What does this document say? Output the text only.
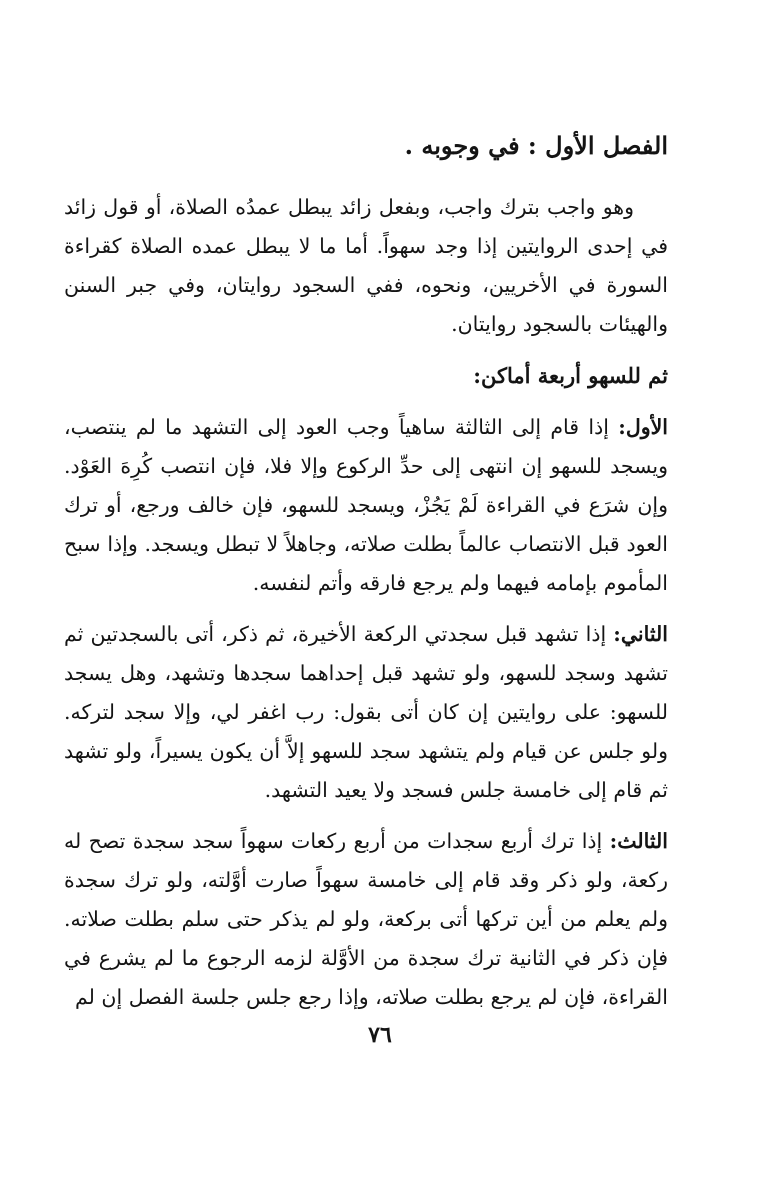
الفصل الأول : في وجوبه .

وهو واجب بترك واجب، وبفعل زائد يبطل عمدُه الصلاة، أو قول زائد في إحدى الروايتين إذا وجد سهواً. أما ما لا يبطل عمده الصلاة كقراءة السورة في الأخريين، ونحوه، ففي السجود روايتان، وفي جبر السنن والهيئات بالسجود روايتان.

ثم للسهو أربعة أماكن:

الأول: إذا قام إلى الثالثة ساهياً وجب العود إلى التشهد ما لم ينتصب، ويسجد للسهو إن انتهى إلى حدِّ الركوع وإلا فلا، فإن انتصب كُرِهَ العَوْد. وإن شرَع في القراءة لَمْ يَجُزْ، ويسجد للسهو، فإن خالف ورجع، أو ترك العود قبل الانتصاب عالماً بطلت صلاته، وجاهلاً لا تبطل ويسجد. وإذا سبح المأموم بإمامه فيهما ولم يرجع فارقه وأتم لنفسه.

الثاني: إذا تشهد قبل سجدتي الركعة الأخيرة، ثم ذكر، أتى بالسجدتين ثم تشهد وسجد للسهو، ولو تشهد قبل إحداهما سجدها وتشهد، وهل يسجد للسهو: على روايتين إن كان أتى بقول: رب اغفر لي، وإلا سجد لتركه. ولو جلس عن قيام ولم يتشهد سجد للسهو إلاَّ أن يكون يسيراً، ولو تشهد ثم قام إلى خامسة جلس فسجد ولا يعيد التشهد.

الثالث: إذا ترك أربع سجدات من أربع ركعات سهواً سجد سجدة تصح له ركعة، ولو ذكر وقد قام إلى خامسة سهواً صارت أوَّلته، ولو ترك سجدة ولم يعلم من أين تركها أتى بركعة، ولو لم يذكر حتى سلم بطلت صلاته. فإن ذكر في الثانية ترك سجدة من الأوَّلة لزمه الرجوع ما لم يشرع في القراءة، فإن لم يرجع بطلت صلاته، وإذا رجع جلس جلسة الفصل إن لم

٧٦
